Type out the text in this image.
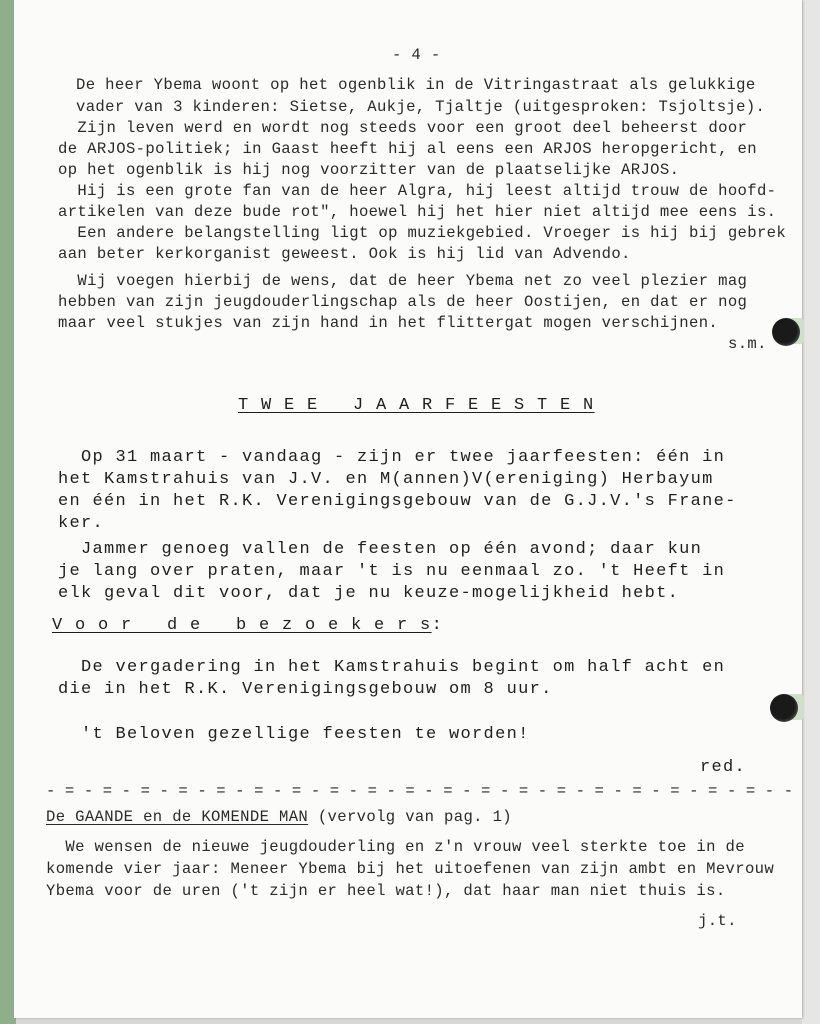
- 4 -
De heer Ybema woont op het ogenblik in de Vitringastraat als gelukkige
vader van 3 kinderen: Sietse, Aukje, Tjaltje (uitgesproken: Tsjoltsje).
Zijn leven werd en wordt nog steeds voor een groot deel beheerst door
de ARJOS-politiek; in Gaast heeft hij al eens een ARJOS heropgericht, en
op het ogenblik is hij nog voorzitter van de plaatselijke ARJOS.
Hij is een grote fan van de heer Algra, hij leest altijd trouw de hoofd-
artikelen van deze bude rot", hoewel hij het hier niet altijd mee eens is.
Een andere belangstelling ligt op muziekgebied. Vroeger is hij bij gebrek
aan beter kerkorganist geweest. Ook is hij lid van Advendo.
Wij voegen hierbij de wens, dat de heer Ybema net zo veel plezier mag
hebben van zijn jeugdouderlingschap als de heer Oostijen, en dat er nog
maar veel stukjes van zijn hand in het flittergat mogen verschijnen.
s.m.
T W E E   J A A R F E E S T E N
Op 31 maart - vandaag - zijn er twee jaarfeesten: één in
het Kamstrahuis van J.V. en M(annen)V(ereniging) Herbayum
en één in het R.K. Verenigingsgebouw van de G.J.V.'s Frane-
ker.
Jammer genoeg vallen de feesten op één avond; daar kun
je lang over praten, maar 't is nu eenmaal zo. 't Heeft in
elk geval dit voor, dat je nu keuze-mogelijkheid hebt.
V o o r   d e   b e z o e k e r s:
De vergadering in het Kamstrahuis begint om half acht en
die in het R.K. Verenigingsgebouw om 8 uur.
't Beloven gezellige feesten te worden!
red.
- = - = - = - = - = - = - = - = - = - = - = - = - = - = - = - = - = - = - = - -
De GAANDE en de KOMENDE MAN (vervolg van pag. 1)
We wensen de nieuwe jeugdouderling en z'n vrouw veel sterkte toe in de
komende vier jaar: Meneer Ybema bij het uitoefenen van zijn ambt en Mevrouw
Ybema voor de uren ('t zijn er heel wat!), dat haar man niet thuis is.
j.t.
